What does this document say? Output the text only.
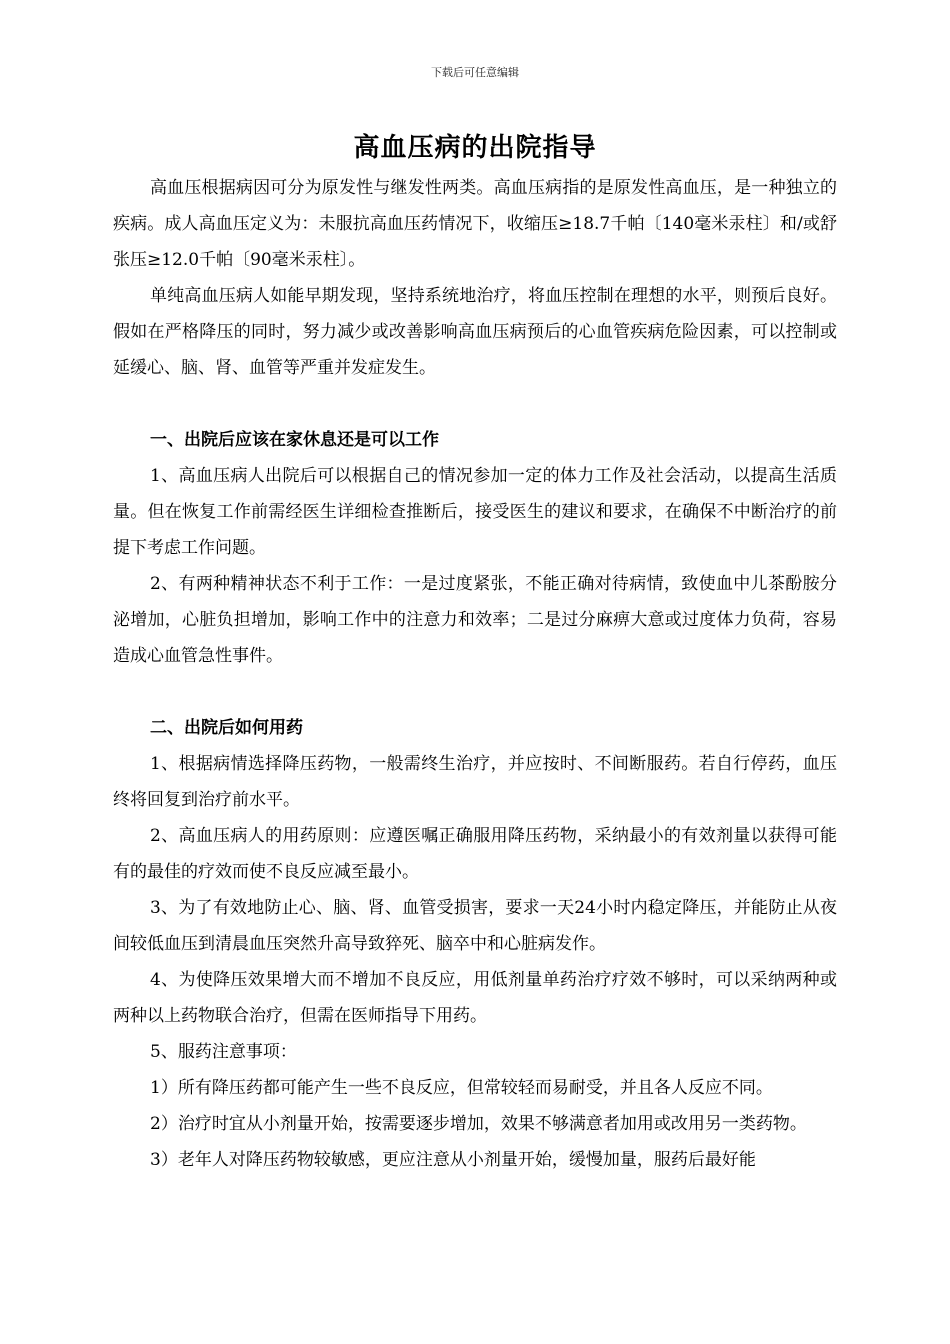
下载后可任意编辑
高血压病的出院指导

高血压根据病因可分为原发性与继发性两类。高血压病指的是原发性高血压，是一种独立的疾病。成人高血压定义为：未服抗高血压药情况下，收缩压≥18.7千帕〔140毫米汞柱〕和/或舒张压≥12.0千帕〔90毫米汞柱〕。

单纯高血压病人如能早期发现，坚持系统地治疗，将血压控制在理想的水平，则预后良好。假如在严格降压的同时，努力减少或改善影响高血压病预后的心血管疾病危险因素，可以控制或延缓心、脑、肾、血管等严重并发症发生。

一、出院后应该在家休息还是可以工作

1、高血压病人出院后可以根据自己的情况参加一定的体力工作及社会活动，以提高生活质量。但在恢复工作前需经医生详细检查推断后，接受医生的建议和要求，在确保不中断治疗的前提下考虑工作问题。

2、有两种精神状态不利于工作：一是过度紧张，不能正确对待病情，致使血中儿茶酚胺分泌增加，心脏负担增加，影响工作中的注意力和效率；二是过分麻痹大意或过度体力负荷，容易造成心血管急性事件。

二、出院后如何用药

1、根据病情选择降压药物，一般需终生治疗，并应按时、不间断服药。若自行停药，血压终将回复到治疗前水平。

2、高血压病人的用药原则：应遵医嘱正确服用降压药物，采纳最小的有效剂量以获得可能有的最佳的疗效而使不良反应减至最小。

3、为了有效地防止心、脑、肾、血管受损害，要求一天24小时内稳定降压，并能防止从夜间较低血压到清晨血压突然升高导致猝死、脑卒中和心脏病发作。

4、为使降压效果增大而不增加不良反应，用低剂量单药治疗疗效不够时，可以采纳两种或两种以上药物联合治疗，但需在医师指导下用药。

5、服药注意事项：

1）所有降压药都可能产生一些不良反应，但常较轻而易耐受，并且各人反应不同。

2）治疗时宜从小剂量开始，按需要逐步增加，效果不够满意者加用或改用另一类药物。

3）老年人对降压药物较敏感，更应注意从小剂量开始，缓慢加量，服药后最好能
